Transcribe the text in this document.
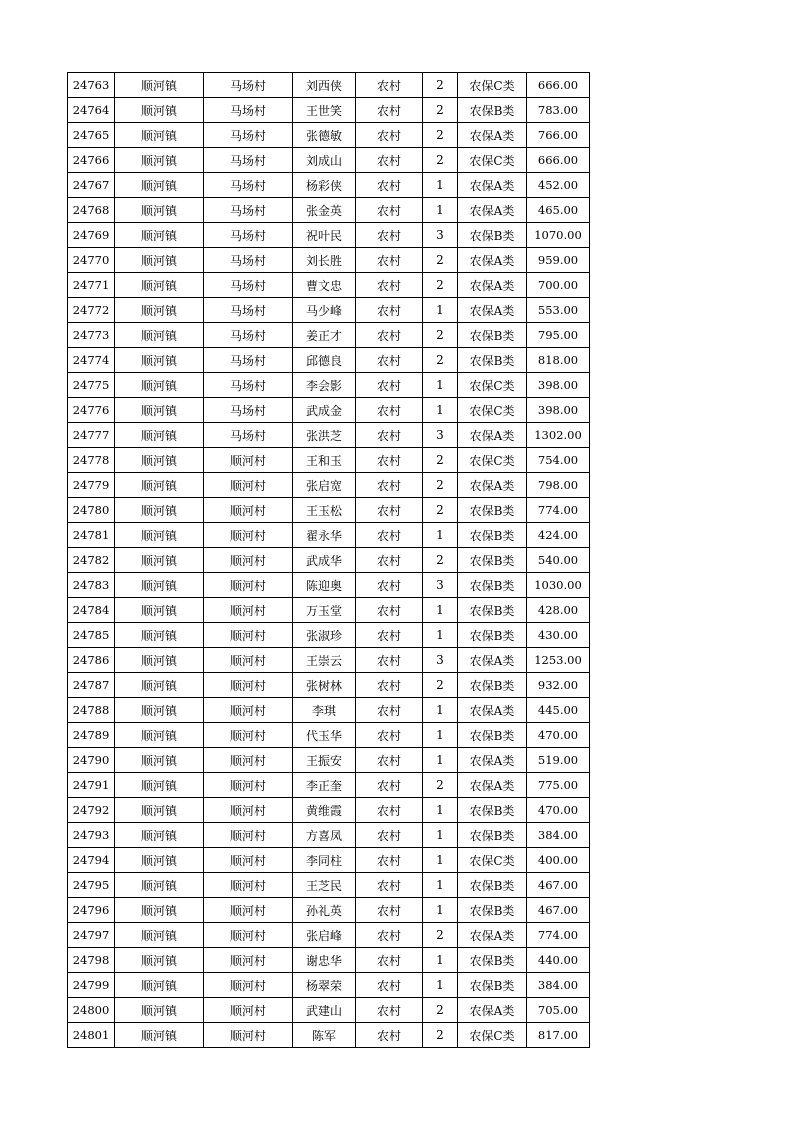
24763	顺河镇	马场村	刘西侠	农村	2	农保C类	666.00
24764	顺河镇	马场村	王世笑	农村	2	农保B类	783.00
24765	顺河镇	马场村	张德敏	农村	2	农保A类	766.00
24766	顺河镇	马场村	刘成山	农村	2	农保C类	666.00
24767	顺河镇	马场村	杨彩侠	农村	1	农保A类	452.00
24768	顺河镇	马场村	张金英	农村	1	农保A类	465.00
24769	顺河镇	马场村	祝叶民	农村	3	农保B类	1070.00
24770	顺河镇	马场村	刘长胜	农村	2	农保A类	959.00
24771	顺河镇	马场村	曹文忠	农村	2	农保A类	700.00
24772	顺河镇	马场村	马少峰	农村	1	农保A类	553.00
24773	顺河镇	马场村	姜正才	农村	2	农保B类	795.00
24774	顺河镇	马场村	邱德良	农村	2	农保B类	818.00
24775	顺河镇	马场村	李会影	农村	1	农保C类	398.00
24776	顺河镇	马场村	武成金	农村	1	农保C类	398.00
24777	顺河镇	马场村	张洪芝	农村	3	农保A类	1302.00
24778	顺河镇	顺河村	王和玉	农村	2	农保C类	754.00
24779	顺河镇	顺河村	张启宽	农村	2	农保A类	798.00
24780	顺河镇	顺河村	王玉松	农村	2	农保B类	774.00
24781	顺河镇	顺河村	翟永华	农村	1	农保B类	424.00
24782	顺河镇	顺河村	武成华	农村	2	农保B类	540.00
24783	顺河镇	顺河村	陈迎奥	农村	3	农保B类	1030.00
24784	顺河镇	顺河村	万玉堂	农村	1	农保B类	428.00
24785	顺河镇	顺河村	张淑珍	农村	1	农保B类	430.00
24786	顺河镇	顺河村	王崇云	农村	3	农保A类	1253.00
24787	顺河镇	顺河村	张树林	农村	2	农保B类	932.00
24788	顺河镇	顺河村	李琪	农村	1	农保A类	445.00
24789	顺河镇	顺河村	代玉华	农村	1	农保B类	470.00
24790	顺河镇	顺河村	王振安	农村	1	农保A类	519.00
24791	顺河镇	顺河村	李正奎	农村	2	农保A类	775.00
24792	顺河镇	顺河村	黄维霞	农村	1	农保B类	470.00
24793	顺河镇	顺河村	方喜凤	农村	1	农保B类	384.00
24794	顺河镇	顺河村	李同柱	农村	1	农保C类	400.00
24795	顺河镇	顺河村	王芝民	农村	1	农保B类	467.00
24796	顺河镇	顺河村	孙礼英	农村	1	农保B类	467.00
24797	顺河镇	顺河村	张启峰	农村	2	农保A类	774.00
24798	顺河镇	顺河村	谢忠华	农村	1	农保B类	440.00
24799	顺河镇	顺河村	杨翠荣	农村	1	农保B类	384.00
24800	顺河镇	顺河村	武建山	农村	2	农保A类	705.00
24801	顺河镇	顺河村	陈军	农村	2	农保C类	817.00
